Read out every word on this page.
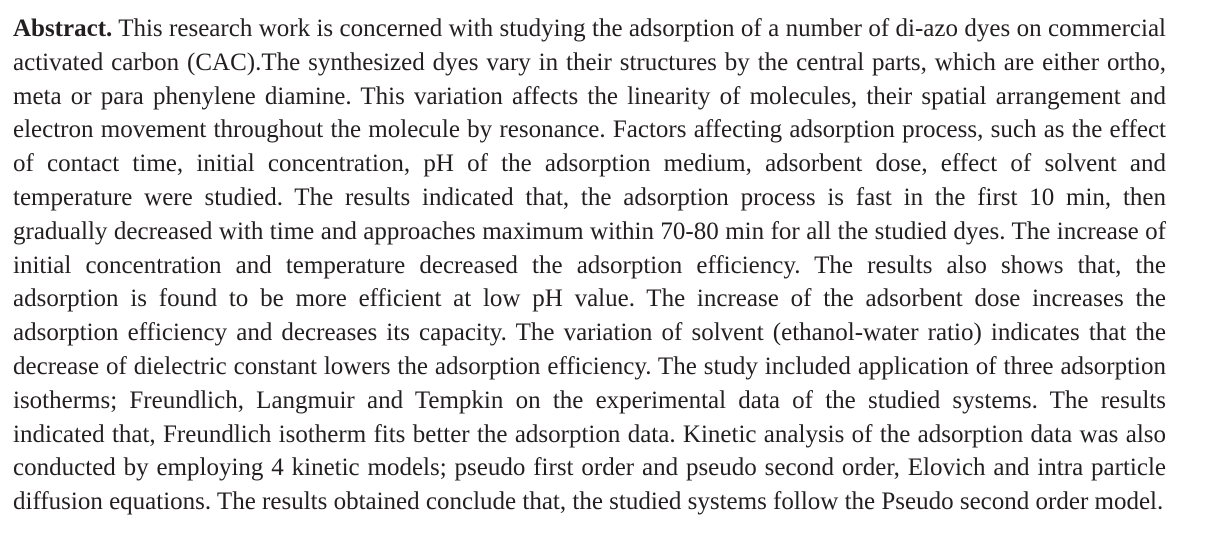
Abstract. This research work is concerned with studying the adsorption of a number of di-azo dyes on commercial activated carbon (CAC).The synthesized dyes vary in their structures by the central parts, which are either ortho, meta or para phenylene diamine. This variation affects the linearity of molecules, their spatial arrangement and electron movement throughout the molecule by resonance. Factors affecting adsorption process, such as the effect of contact time, initial concentration, pH of the adsorption medium, adsorbent dose, effect of solvent and temperature were studied. The results indicated that, the adsorption process is fast in the first 10 min, then gradually decreased with time and approaches maximum within 70-80 min for all the studied dyes. The increase of initial concentration and temperature decreased the adsorption efficiency. The results also shows that, the adsorption is found to be more efficient at low pH value. The increase of the adsorbent dose increases the adsorption efficiency and decreases its capacity. The variation of solvent (ethanol-water ratio) indicates that the decrease of dielectric constant lowers the adsorption efficiency. The study included application of three adsorption isotherms; Freundlich, Langmuir and Tempkin on the experimental data of the studied systems. The results indicated that, Freundlich isotherm fits better the adsorption data. Kinetic analysis of the adsorption data was also conducted by employing 4 kinetic models; pseudo first order and pseudo second order, Elovich and intra particle diffusion equations. The results obtained conclude that, the studied systems follow the Pseudo second order model.
